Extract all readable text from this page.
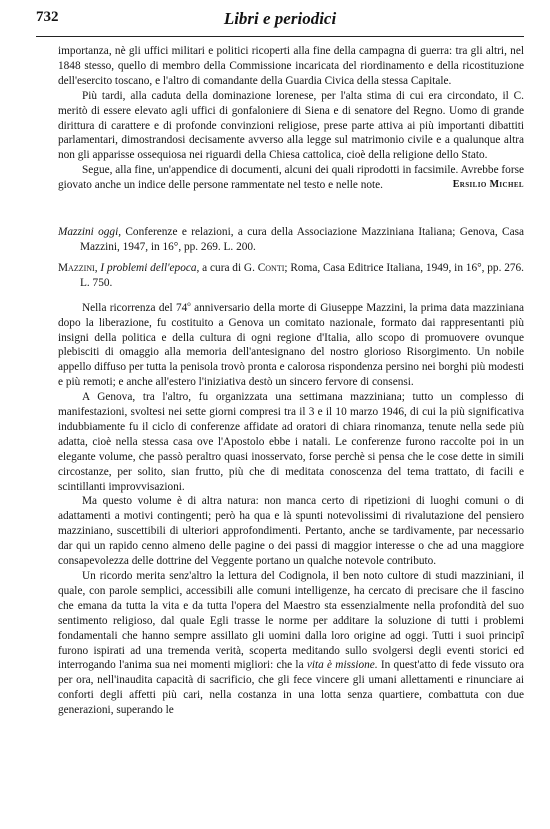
732	Libri e periodici

importanza, nè gli uffici militari e politici ricoperti alla fine della campagna di guerra: tra gli altri, nel 1848 stesso, quello di membro della Commissione incaricata del riordinamento e della ricostituzione dell'esercito toscano, e l'altro di comandante della Guardia Civica della stessa Capitale.

Più tardi, alla caduta della dominazione lorenese, per l'alta stima di cui era circondato, il C. meritò di essere elevato agli uffici di gonfaloniere di Siena e di senatore del Regno. Uomo di grande dirittura di carattere e di profonde convinzioni religiose, prese parte attiva ai più importanti dibattiti parlamentari, dimostrandosi decisamente avverso alla legge sul matrimonio civile e a qualunque altra non gli apparisse ossequiosa nei riguardi della Chiesa cattolica, cioè della religione dello Stato.

Segue, alla fine, un'appendice di documenti, alcuni dei quali riprodotti in facsimile. Avrebbe forse giovato anche un indice delle persone rammentate nel testo e nelle note.	Ersilio Michel

Mazzini oggi, Conferenze e relazioni, a cura della Associazione Mazziniana Italiana; Genova, Casa Mazzini, 1947, in 16°, pp. 269. L. 200.

Mazzini, I problemi dell'epoca, a cura di G. Conti; Roma, Casa Editrice Italiana, 1949, in 16°, pp. 276. L. 750.

Nella ricorrenza del 74$^o$ anniversario della morte di Giuseppe Mazzini, la prima data mazziniana dopo la liberazione, fu costituito a Genova un comitato nazionale, formato dai rappresentanti più insigni della politica e della cultura di ogni regione d'Italia, allo scopo di promuovere ovunque plebisciti di omaggio alla memoria dell'antesignano del nostro glorioso Risorgimento. Un nobile appello diffuso per tutta la penisola trovò pronta e calorosa rispondenza persino nei borghi più modesti e più remoti; e anche all'estero l'iniziativa destò un sincero fervore di consensi.

A Genova, tra l'altro, fu organizzata una settimana mazziniana; tutto un complesso di manifestazioni, svoltesi nei sette giorni compresi tra il 3 e il 10 marzo 1946, di cui la più significativa indubbiamente fu il ciclo di conferenze affidate ad oratori di chiara rinomanza, tenute nella sede più adatta, cioè nella stessa casa ove l'Apostolo ebbe i natali. Le conferenze furono raccolte poi in un elegante volume, che passò peraltro quasi inosservato, forse perchè si pensa che le cose dette in simili circostanze, per solito, sian frutto, più che di meditata conoscenza del tema trattato, di facili e scintillanti improvvisazioni.

Ma questo volume è di altra natura: non manca certo di ripetizioni di luoghi comuni o di adattamenti a motivi contingenti; però ha qua e là spunti notevolissimi di rivalutazione del pensiero mazziniano, suscettibili di ulteriori approfondimenti. Pertanto, anche se tardivamente, par necessario dar qui un rapido cenno almeno delle pagine o dei passi di maggior interesse o che ad una maggiore consapevolezza delle dottrine del Veggente portano un qualche notevole contributo.

Un ricordo merita senz'altro la lettura del Codignola, il ben noto cultore di studi mazziniani, il quale, con parole semplici, accessibili alle comuni intelligenze, ha cercato di precisare che il fascino che emana da tutta la vita e da tutta l'opera del Maestro sta essenzialmente nella profondità del suo sentimento religioso, dal quale Egli trasse le norme per additare la soluzione di tutti i problemi fondamentali che hanno sempre assillato gli uomini dalla loro origine ad oggi. Tutti i suoi principî furono ispirati ad una tremenda verità, scoperta meditando sullo svolgersi degli eventi storici ed interrogando l'anima sua nei momenti migliori: che la vita è missione. In quest'atto di fede vissuto ora per ora, nell'inaudita capacità di sacrificio, che gli fece vincere gli umani allettamenti e rinunciare ai conforti degli affetti più cari, nella costanza in una lotta senza quartiere, combattuta con due generazioni, superando le
